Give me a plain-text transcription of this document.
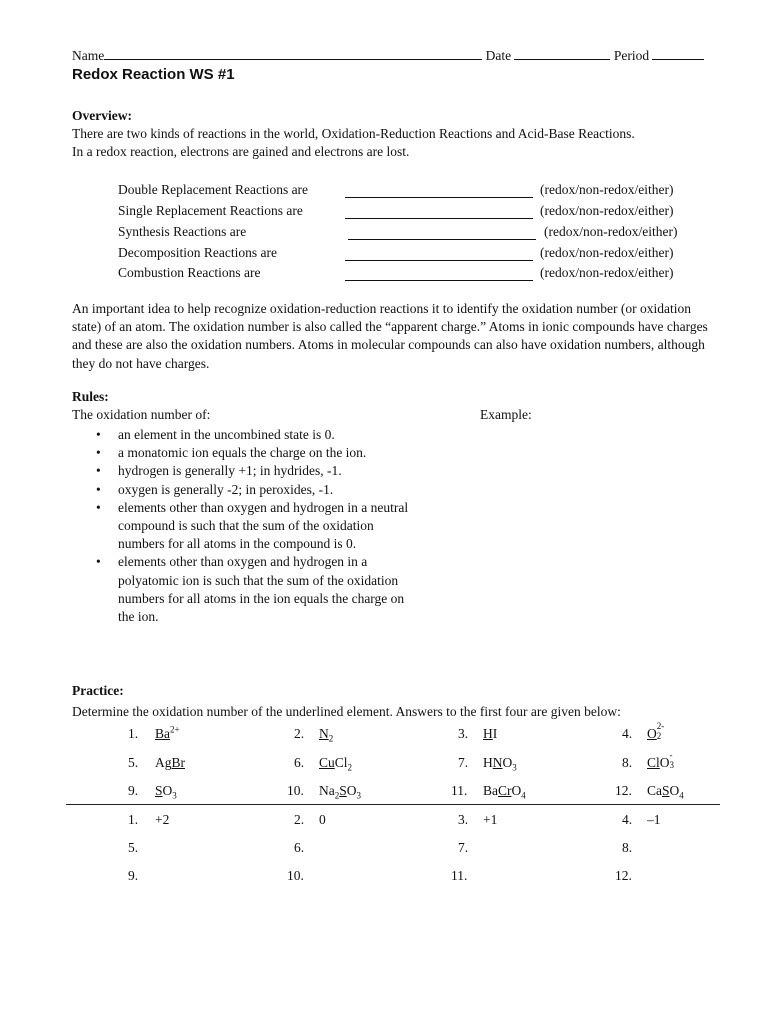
Name	Date	Period
Redox Reaction WS #1
Overview:
There are two kinds of reactions in the world, Oxidation-Reduction Reactions and Acid-Base Reactions.
In a redox reaction, electrons are gained and electrons are lost.
Double Replacement Reactions are	(redox/non-redox/either)
Single Replacement Reactions are	(redox/non-redox/either)
Synthesis Reactions are	(redox/non-redox/either)
Decomposition Reactions are	(redox/non-redox/either)
Combustion Reactions are	(redox/non-redox/either)
An important idea to help recognize oxidation-reduction reactions it to identify the oxidation number (or oxidation state) of an atom. The oxidation number is also called the “apparent charge.” Atoms in ionic compounds have charges and these are also the oxidation numbers. Atoms in molecular compounds can also have oxidation numbers, although they do not have charges.
Rules:
The oxidation number of:	Example:
• an element in the uncombined state is 0.
• a monatomic ion equals the charge on the ion.
• hydrogen is generally +1; in hydrides, -1.
• oxygen is generally -2; in peroxides, -1.
• elements other than oxygen and hydrogen in a neutral compound is such that the sum of the oxidation numbers for all atoms in the compound is 0.
• elements other than oxygen and hydrogen in a polyatomic ion is such that the sum of the oxidation numbers for all atoms in the ion equals the charge on the ion.
Practice:
Determine the oxidation number of the underlined element. Answers to the first four are given below:
1. $Ba^{2+}$	2. $N_2$	3. HI	4. O 2
2-

5. AgBr	6. CuCl$_2$	7. $HNO_3$	8. ClO 3
-

9. $SO_3$	10. $Na_2SO_3$	11. BaCrO$_4$	12. CaSO$_4$
1. +2	2. 0	3. +1	4. –1
5.	6.	7.	8.
9.	10.	11.	12.
